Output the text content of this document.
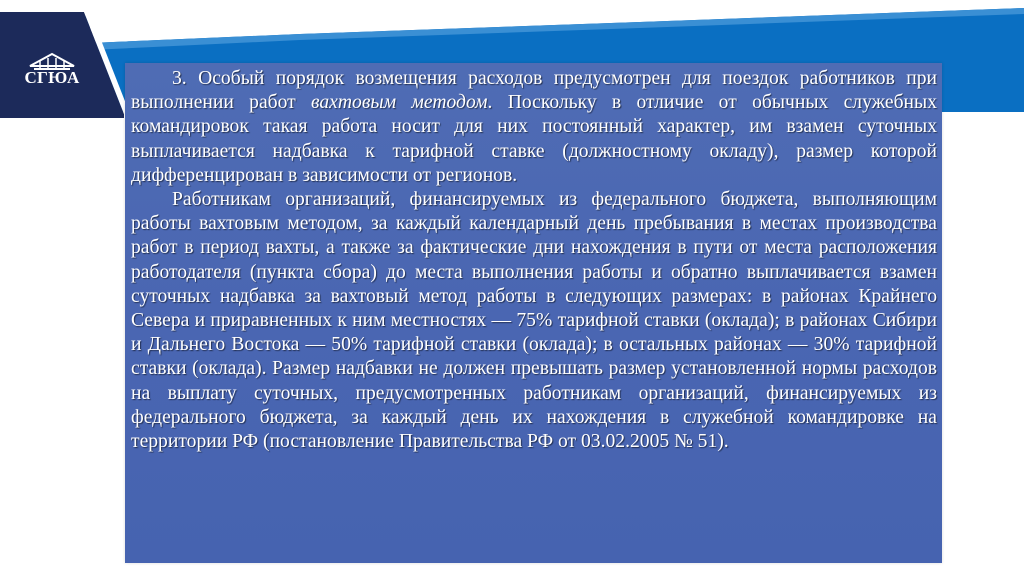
СГЮА	3. Особый порядок возмещения расходов предусмотрен для поездок работников при выполнении работ вахтовым методом. Поскольку в отличие от обычных служебных командировок такая работа носит для них постоянный характер, им взамен суточных выплачивается надбавка к тарифной ставке (должностному окладу), размер которой дифференцирован в зависимости от регионов.

Работникам организаций, финансируемых из федерального бюджета, выполняющим работы вахтовым методом, за каждый календарный день пребывания в местах производства работ в период вахты, а также за фактические дни нахождения в пути от места расположения работодателя (пункта сбора) до места выполнения работы и обратно выплачивается взамен суточных надбавка за вахтовый метод работы в следующих размерах: в районах Крайнего Севера и приравненных к ним местностях — 75% тарифной ставки (оклада); в районах Сибири и Дальнего Востока — 50% тарифной ставки (оклада); в остальных районах — 30% тарифной ставки (оклада). Размер надбавки не должен превышать размер установленной нормы расходов на выплату суточных, предусмотренных работникам организаций, финансируемых из федерального бюджета, за каждый день их нахождения в служебной командировке на территории РФ (постановление Правительства РФ от 03.02.2005 № 51).
